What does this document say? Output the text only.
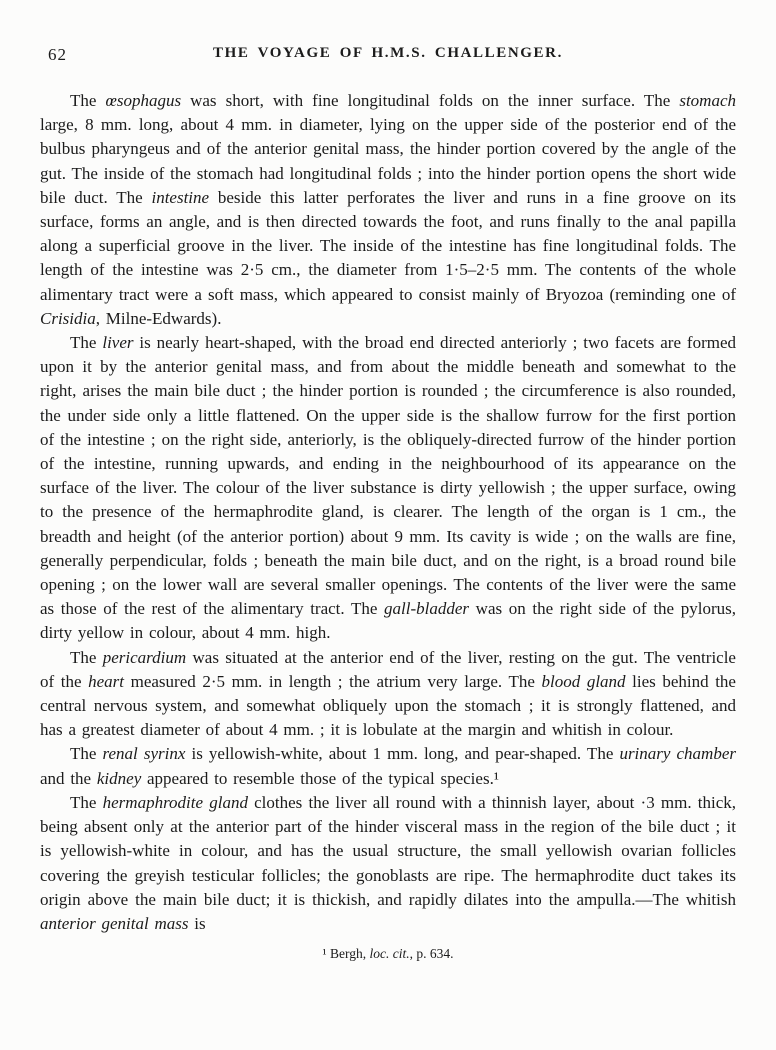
62	THE VOYAGE OF H.M.S. CHALLENGER.

The œsophagus was short, with fine longitudinal folds on the inner surface. The stomach large, 8 mm. long, about 4 mm. in diameter, lying on the upper side of the posterior end of the bulbus pharyngeus and of the anterior genital mass, the hinder portion covered by the angle of the gut. The inside of the stomach had longitudinal folds ; into the hinder portion opens the short wide bile duct. The intestine beside this latter perforates the liver and runs in a fine groove on its surface, forms an angle, and is then directed towards the foot, and runs finally to the anal papilla along a superficial groove in the liver. The inside of the intestine has fine longitudinal folds. The length of the intestine was 2·5 cm., the diameter from 1·5–2·5 mm. The contents of the whole alimentary tract were a soft mass, which appeared to consist mainly of Bryozoa (reminding one of Crisidia, Milne-Edwards).

The liver is nearly heart-shaped, with the broad end directed anteriorly ; two facets are formed upon it by the anterior genital mass, and from about the middle beneath and somewhat to the right, arises the main bile duct ; the hinder portion is rounded ; the circumference is also rounded, the under side only a little flattened. On the upper side is the shallow furrow for the first portion of the intestine ; on the right side, anteriorly, is the obliquely-directed furrow of the hinder portion of the intestine, running upwards, and ending in the neighbourhood of its appearance on the surface of the liver. The colour of the liver substance is dirty yellowish ; the upper surface, owing to the presence of the hermaphrodite gland, is clearer. The length of the organ is 1 cm., the breadth and height (of the anterior portion) about 9 mm. Its cavity is wide ; on the walls are fine, generally perpendicular, folds ; beneath the main bile duct, and on the right, is a broad round bile opening ; on the lower wall are several smaller openings. The contents of the liver were the same as those of the rest of the alimentary tract. The gall-bladder was on the right side of the pylorus, dirty yellow in colour, about 4 mm. high.

The pericardium was situated at the anterior end of the liver, resting on the gut. The ventricle of the heart measured 2·5 mm. in length ; the atrium very large. The blood gland lies behind the central nervous system, and somewhat obliquely upon the stomach ; it is strongly flattened, and has a greatest diameter of about 4 mm. ; it is lobulate at the margin and whitish in colour.

The renal syrinx is yellowish-white, about 1 mm. long, and pear-shaped. The urinary chamber and the kidney appeared to resemble those of the typical species.¹

The hermaphrodite gland clothes the liver all round with a thinnish layer, about ·3 mm. thick, being absent only at the anterior part of the hinder visceral mass in the region of the bile duct ; it is yellowish-white in colour, and has the usual structure, the small yellowish ovarian follicles covering the greyish testicular follicles; the gonoblasts are ripe. The hermaphrodite duct takes its origin above the main bile duct; it is thickish, and rapidly dilates into the ampulla.—The whitish anterior genital mass is

¹ Bergh, loc. cit., p. 634.
